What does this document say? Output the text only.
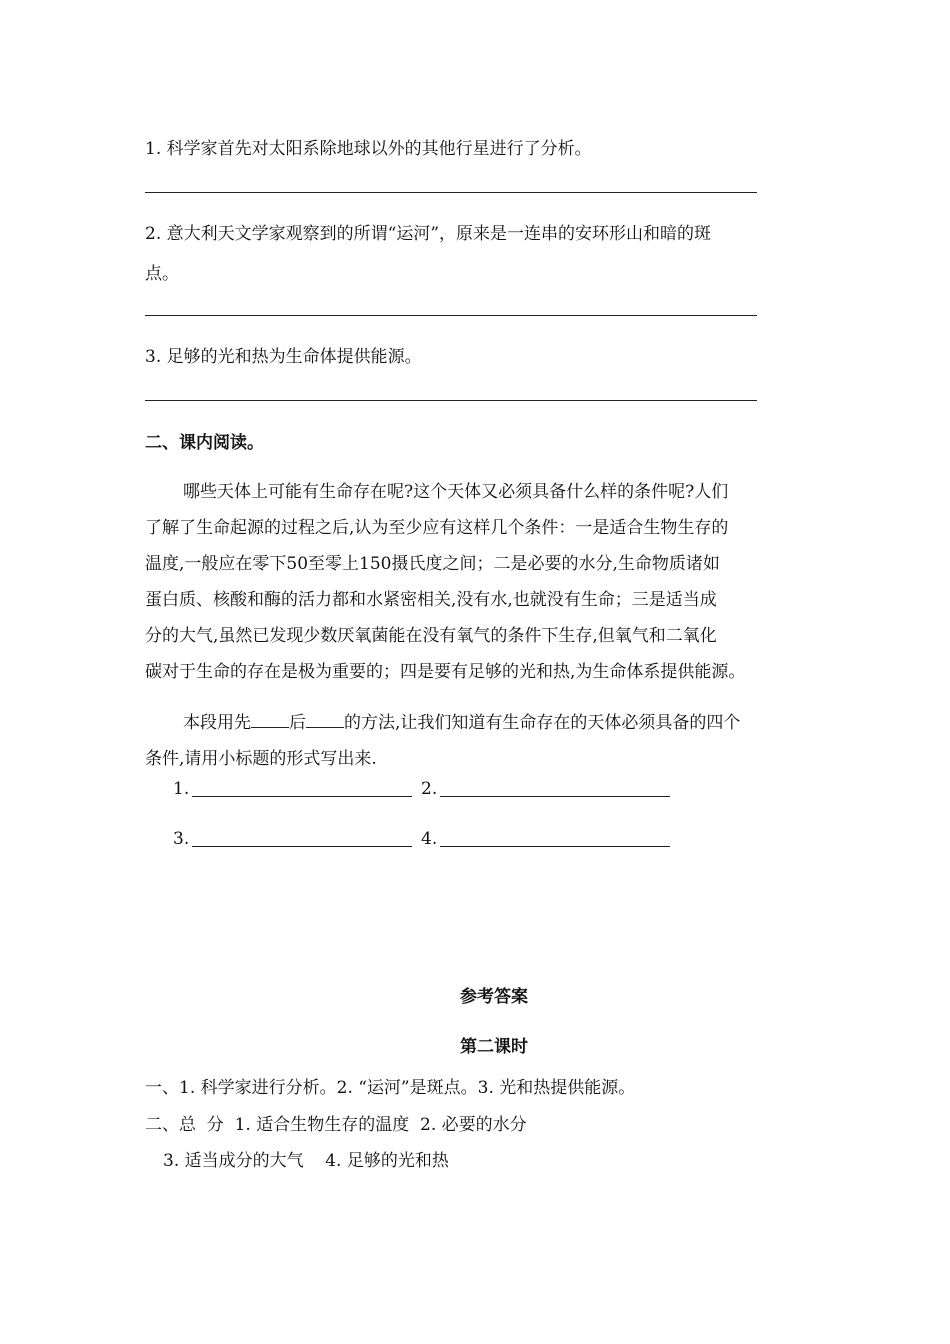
1. 科学家首先对太阳系除地球以外的其他行星进行了分析。
2. 意大利天文学家观察到的所谓“运河”，原来是一连串的安环形山和暗的斑
点。
3. 足够的光和热为生命体提供能源。
二、课内阅读。
哪些天体上可能有生命存在呢?这个天体又必须具备什么样的条件呢?人们
了解了生命起源的过程之后,认为至少应有这样几个条件：一是适合生物生存的
温度,一般应在零下50至零上150摄氏度之间；二是必要的水分,生命物质诸如
蛋白质、核酸和酶的活力都和水紧密相关,没有水,也就没有生命；三是适当成
分的大气,虽然已发现少数厌氧菌能在没有氧气的条件下生存,但氧气和二氧化
碳对于生命的存在是极为重要的；四是要有足够的光和热,为生命体系提供能源。
本段用先 后 的方法,让我们知道有生命存在的天体必须具备的四个
条件,请用小标题的形式写出来.
1.	2.
3.	4.
参考答案
第二课时
一、1. 科学家进行分析。2. “运河”是斑点。3. 光和热提供能源。
二、总  分  1. 适合生物生存的温度  2. 必要的水分
3. 适当成分的大气    4. 足够的光和热
